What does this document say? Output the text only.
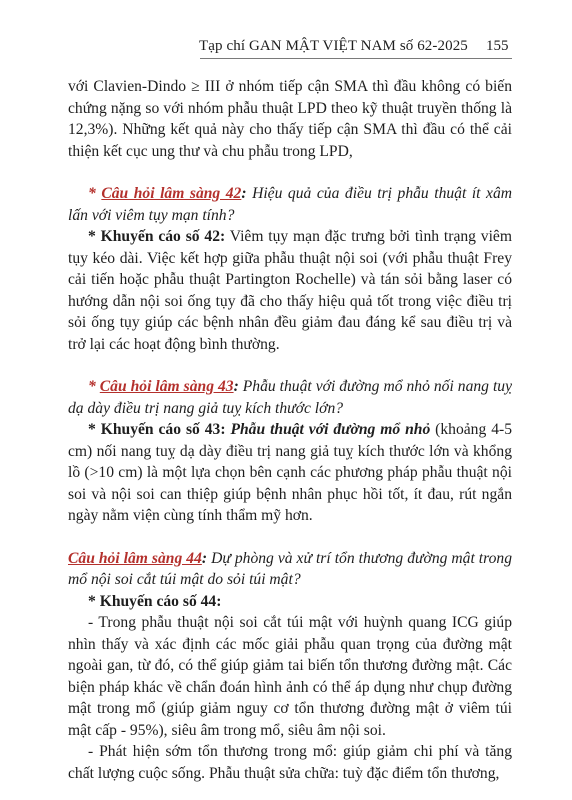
Tạp chí GAN MẬT VIỆT NAM số 62-2025 155

với Clavien-Dindo ≥ III ở nhóm tiếp cận SMA thì đầu không có biến chứng nặng so với nhóm phẫu thuật LPD theo kỹ thuật truyền thống là 12,3%). Những kết quả này cho thấy tiếp cận SMA thì đầu có thể cải thiện kết cục ung thư và chu phẫu trong LPD,

* Câu hỏi lâm sàng 42: Hiệu quả của điều trị phẫu thuật ít xâm lấn với viêm tụy mạn tính?

* Khuyến cáo số 42: Viêm tụy mạn đặc trưng bởi tình trạng viêm tụy kéo dài. Việc kết hợp giữa phẫu thuật nội soi (với phẫu thuật Frey cải tiến hoặc phẫu thuật Partington Rochelle) và tán sỏi bằng laser có hướng dẫn nội soi ống tụy đã cho thấy hiệu quả tốt trong việc điều trị sỏi ống tụy giúp các bệnh nhân đều giảm đau đáng kể sau điều trị và trở lại các hoạt động bình thường.

* Câu hỏi lâm sàng 43: Phẫu thuật với đường mổ nhỏ nối nang tuỵ dạ dày điều trị nang giả tuỵ kích thước lớn?

* Khuyến cáo số 43: Phẫu thuật với đường mổ nhỏ (khoảng 4-5 cm) nối nang tuỵ dạ dày điều trị nang giả tuỵ kích thước lớn và khổng lồ (>10 cm) là một lựa chọn bên cạnh các phương pháp phẫu thuật nội soi và nội soi can thiệp giúp bệnh nhân phục hồi tốt, ít đau, rút ngắn ngày nằm viện cùng tính thẩm mỹ hơn.

Câu hỏi lâm sàng 44: Dự phòng và xử trí tổn thương đường mật trong mổ nội soi cắt túi mật do sỏi túi mật?

* Khuyến cáo số 44:

- Trong phẫu thuật nội soi cắt túi mật với huỳnh quang ICG giúp nhìn thấy và xác định các mốc giải phẫu quan trọng của đường mật ngoài gan, từ đó, có thể giúp giảm tai biến tổn thương đường mật. Các biện pháp khác về chẩn đoán hình ảnh có thể áp dụng như chụp đường mật trong mổ (giúp giảm nguy cơ tổn thương đường mật ở viêm túi mật cấp - 95%), siêu âm trong mổ, siêu âm nội soi.

- Phát hiện sớm tổn thương trong mổ: giúp giảm chi phí và tăng chất lượng cuộc sống. Phẫu thuật sửa chữa: tuỳ đặc điểm tổn thương,
